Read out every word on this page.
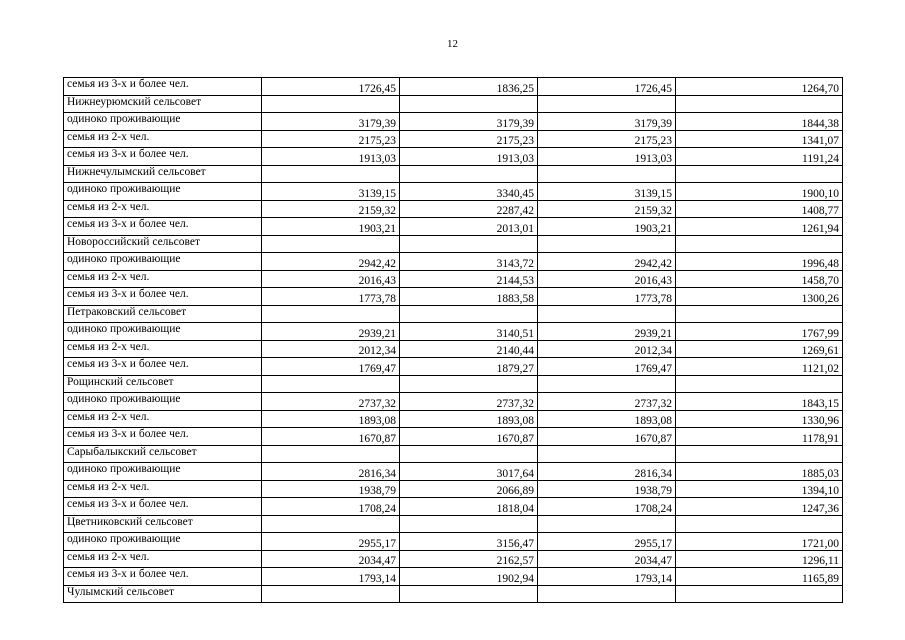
12
семья из 3-х и более чел.	1726,45	1836,25	1726,45	1264,70
Нижнеурюмский сельсовет				
одиноко проживающие	3179,39	3179,39	3179,39	1844,38
семья из 2-х чел.	2175,23	2175,23	2175,23	1341,07
семья из 3-х и более чел.	1913,03	1913,03	1913,03	1191,24
Нижнечулымский сельсовет				
одиноко проживающие	3139,15	3340,45	3139,15	1900,10
семья из 2-х чел.	2159,32	2287,42	2159,32	1408,77
семья из 3-х и более чел.	1903,21	2013,01	1903,21	1261,94
Новороссийский сельсовет				
одиноко проживающие	2942,42	3143,72	2942,42	1996,48
семья из 2-х чел.	2016,43	2144,53	2016,43	1458,70
семья из 3-х и более чел.	1773,78	1883,58	1773,78	1300,26
Петраковский сельсовет				
одиноко проживающие	2939,21	3140,51	2939,21	1767,99
семья из 2-х чел.	2012,34	2140,44	2012,34	1269,61
семья из 3-х и более чел.	1769,47	1879,27	1769,47	1121,02
Рощинский сельсовет				
одиноко проживающие	2737,32	2737,32	2737,32	1843,15
семья из 2-х чел.	1893,08	1893,08	1893,08	1330,96
семья из 3-х и более чел.	1670,87	1670,87	1670,87	1178,91
Сарыбалыкский сельсовет				
одиноко проживающие	2816,34	3017,64	2816,34	1885,03
семья из 2-х чел.	1938,79	2066,89	1938,79	1394,10
семья из 3-х и более чел.	1708,24	1818,04	1708,24	1247,36
Цветниковский сельсовет				
одиноко проживающие	2955,17	3156,47	2955,17	1721,00
семья из 2-х чел.	2034,47	2162,57	2034,47	1296,11
семья из 3-х и более чел.	1793,14	1902,94	1793,14	1165,89
Чулымский сельсовет				
